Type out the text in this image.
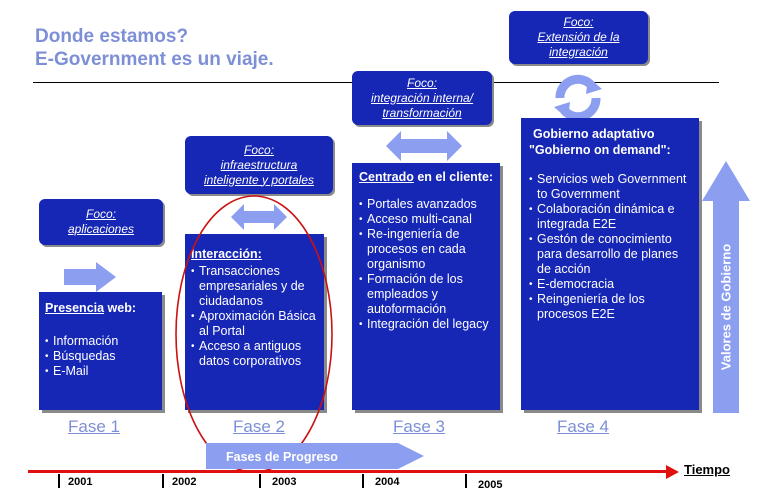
Donde estamos?
E-Government es un viaje.
Foco:
aplicaciones
Foco:
infraestructura
inteligente y portales
Foco:
integración interna/
transformación
Foco:
Extensión de la
integración
Presencia web:
• Información
• Búsquedas
• E-Mail
Interacción:
• Transacciones empresariales y de ciudadanos
• Aproximación Básica al Portal
• Acceso a antiguos datos corporativos
Centrado en el cliente:
• Portales avanzados
• Acceso multi-canal
• Re-ingeniería de procesos en cada organismo
• Formación de los empleados y autoformación
• Integración del legacy
Gobierno adaptativo
"Gobierno on demand":
• Servicios web Government to Government
• Colaboración dinámica e integrada E2E
• Gestón de conocimiento para desarrollo de planes de acción
• E-democracia
• Reingeniería de los procesos E2E	Valores de Gobierno
Fase 1	Fase 2	Fase 3	Fase 4
Fases de Progreso
Tiempo
2001	2002	2003	2004	2005
